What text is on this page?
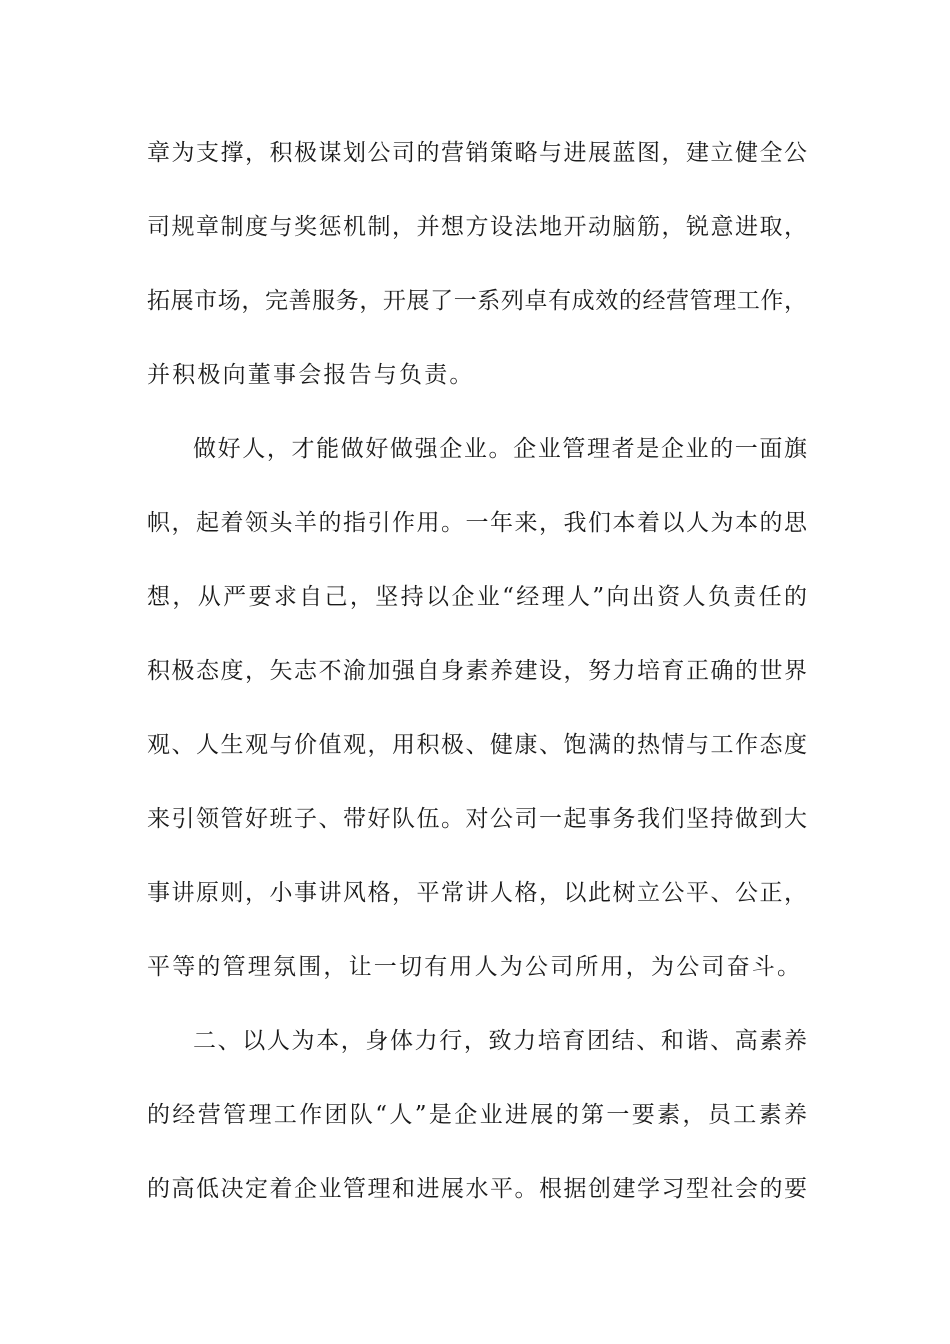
章为支撑，积极谋划公司的营销策略与进展蓝图，建立健全公
司规章制度与奖惩机制，并想方设法地开动脑筋，锐意进取，
拓展市场，完善服务，开展了一系列卓有成效的经营管理工作，
并积极向董事会报告与负责。
做好人，才能做好做强企业。企业管理者是企业的一面旗
帜，起着领头羊的指引作用。一年来，我们本着以人为本的思
想，从严要求自己，坚持以企业“经理人”向出资人负责任的
积极态度，矢志不渝加强自身素养建设，努力培育正确的世界
观、人生观与价值观，用积极、健康、饱满的热情与工作态度
来引领管好班子、带好队伍。对公司一起事务我们坚持做到大
事讲原则，小事讲风格，平常讲人格，以此树立公平、公正，
平等的管理氛围，让一切有用人为公司所用，为公司奋斗。
二、以人为本，身体力行，致力培育团结、和谐、高素养
的经营管理工作团队“人”是企业进展的第一要素，员工素养
的高低决定着企业管理和进展水平。根据创建学习型社会的要
